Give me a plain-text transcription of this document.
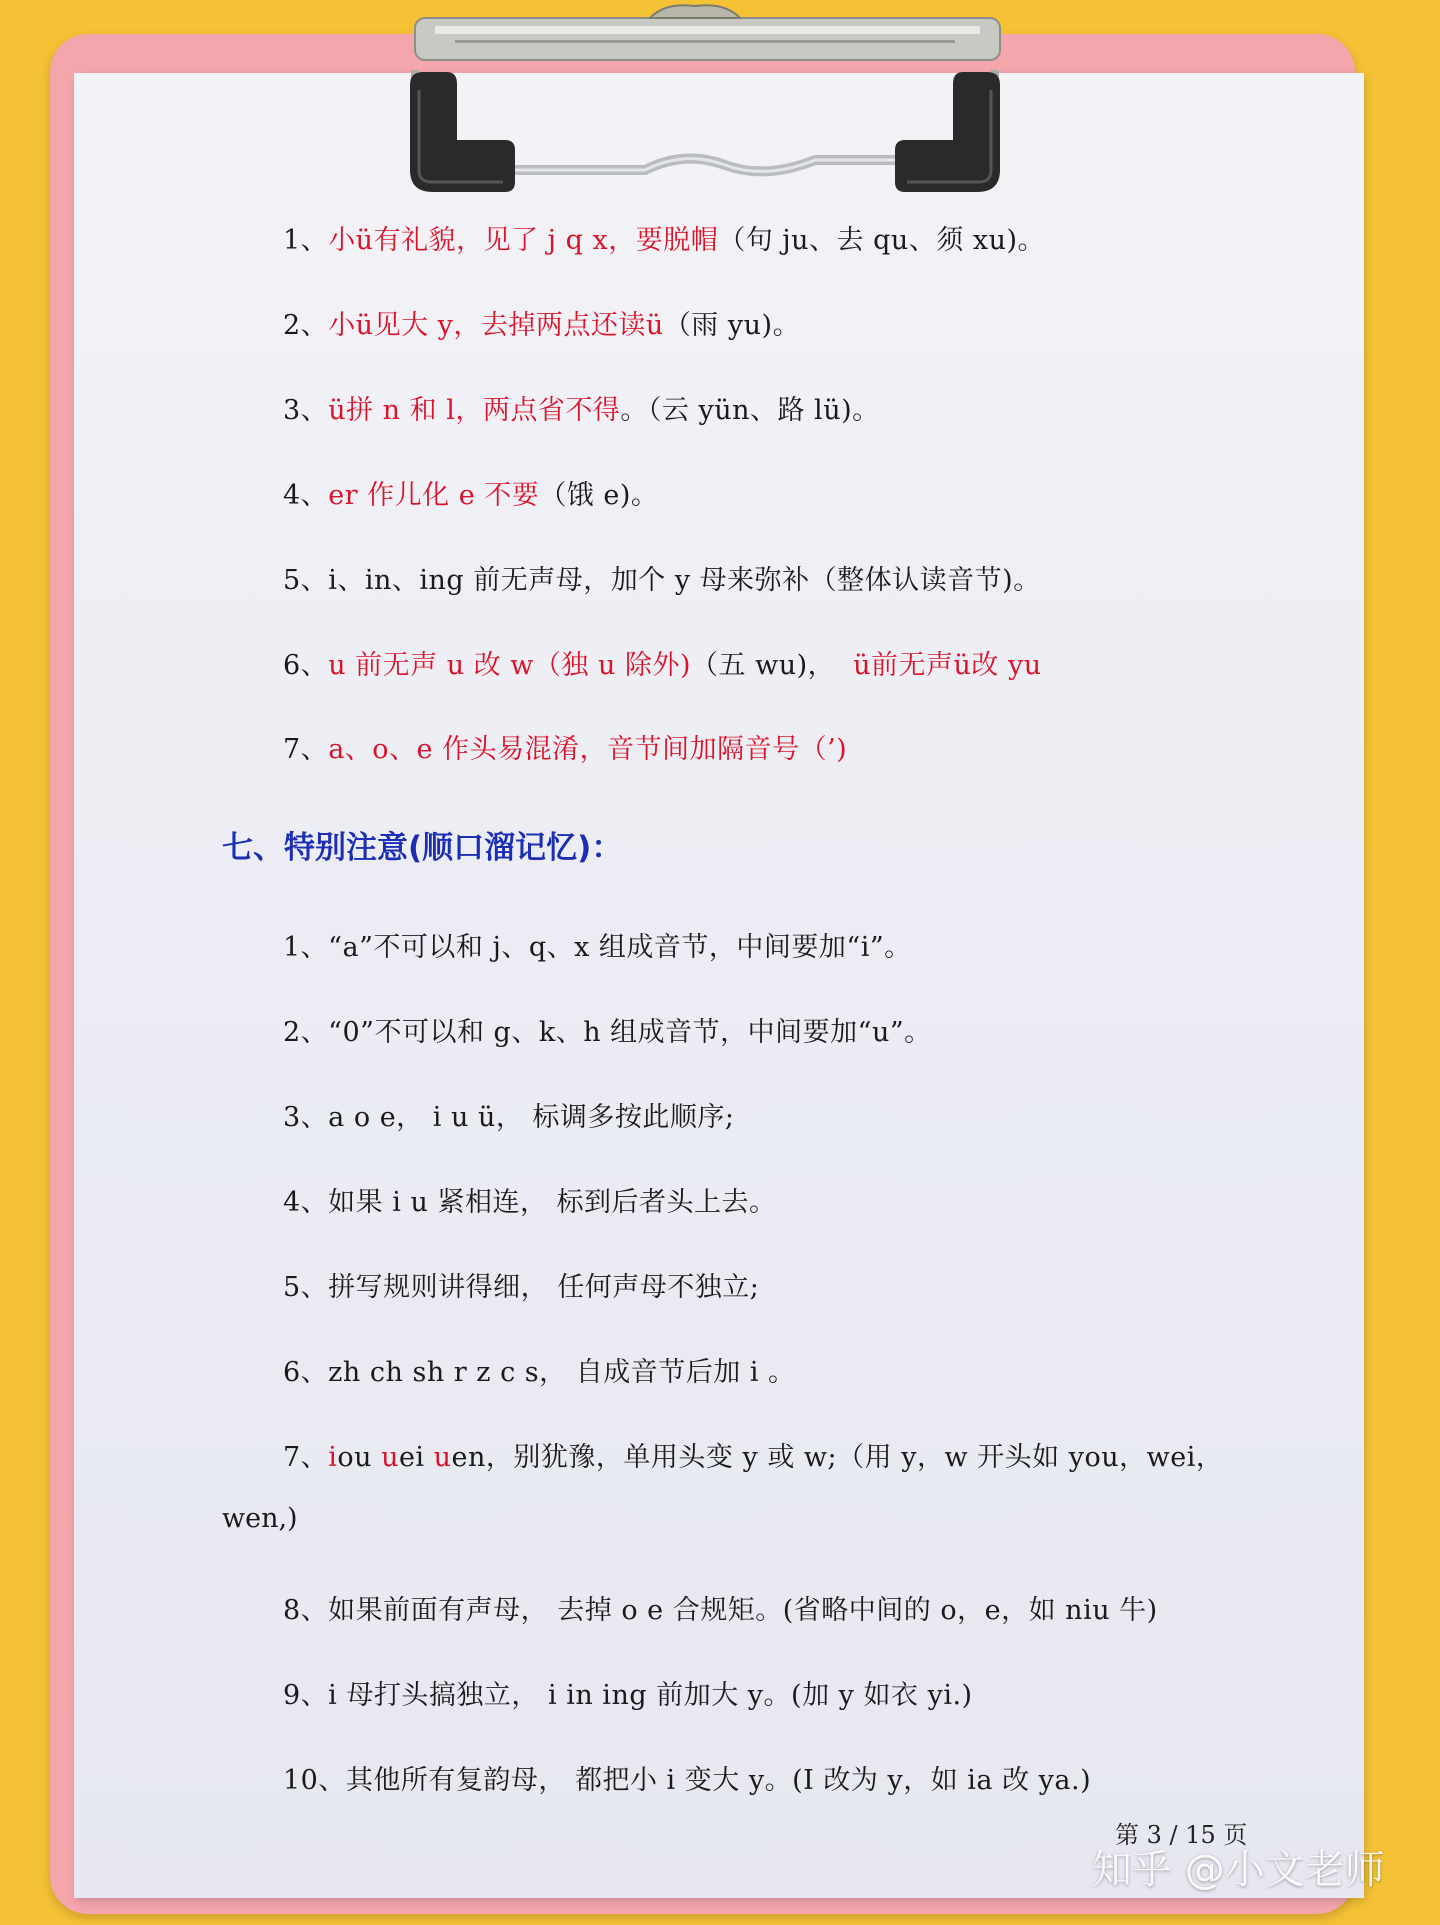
1、小ü有礼貌，见了 j q x，要脱帽（句 ju、去 qu、须 xu)。
2、小ü见大 y，去掉两点还读ü（雨 yu)。
3、ü拼 n 和 l，两点省不得。（云 yün、路 lü)。
4、er 作儿化 e 不要（饿 e)。
5、i、in、ing 前无声母，加个 y 母来弥补（整体认读音节)。
6、u 前无声 u 改 w（独 u 除外)（五 wu)， ü前无声ü改 yu
7、a、o、e 作头易混淆，音节间加隔音号（’)
七、特别注意(顺口溜记忆)：
1、“a”不可以和 j、q、x 组成音节，中间要加“i”。
2、“0”不可以和 g、k、h 组成音节，中间要加“u”。
3、a o e， i u ü， 标调多按此顺序;
4、如果 i u 紧相连， 标到后者头上去。
5、拼写规则讲得细， 任何声母不独立;
6、zh ch sh r z c s， 自成音节后加 i 。
7、iou uei uen，别犹豫，单用头变 y 或 w;（用 y，w 开头如 you，wei，
wen,)
8、如果前面有声母， 去掉 o e 合规矩。(省略中间的 o，e，如 niu 牛)
9、i 母打头搞独立， i in ing 前加大 y。(加 y 如衣 yi.)
10、其他所有复韵母， 都把小 i 变大 y。(I 改为 y，如 ia 改 ya.)
第 3 / 15 页
知乎 @小文老师
